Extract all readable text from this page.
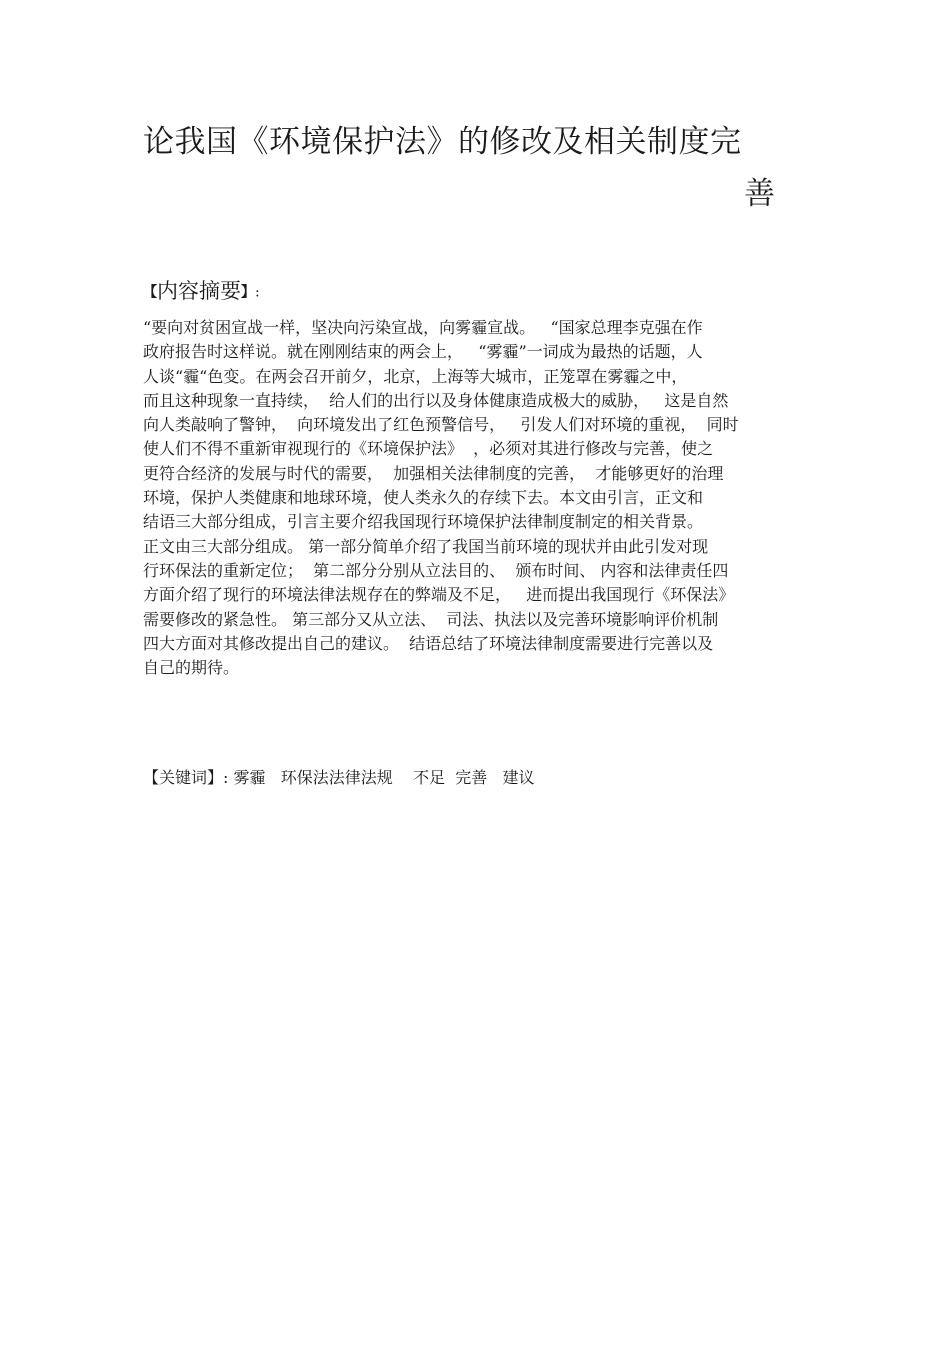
论我国《环境保护法》的修改及相关制度完
善
【内容摘要】:
“要向对贫困宣战一样，坚决向污染宣战，向雾霾宣战。   “国家总理李克强在作
政府报告时这样说。就在刚刚结束的两会上，   “雾霾”一词成为最热的话题，人
人谈“霾“色变。在两会召开前夕，北京，上海等大城市，正笼罩在雾霾之中，
而且这种现象一直持续，  给人们的出行以及身体健康造成极大的威胁，   这是自然
向人类敲响了警钟，  向环境发出了红色预警信号，   引发人们对环境的重视，  同时
使人们不得不重新审视现行的《环境保护法》  ，必须对其进行修改与完善，使之
更符合经济的发展与时代的需要，  加强相关法律制度的完善，  才能够更好的治理
环境，保护人类健康和地球环境，使人类永久的存续下去。本文由引言，正文和
结语三大部分组成，引言主要介绍我国现行环境保护法律制度制定的相关背景。
正文由三大部分组成。 第一部分简单介绍了我国当前环境的现状并由此引发对现
行环保法的重新定位；  第二部分分别从立法目的、  颁布时间、 内容和法律责任四
方面介绍了现行的环境法律法规存在的弊端及不足，   进而提出我国现行《环保法》
需要修改的紧急性。 第三部分又从立法、  司法、执法以及完善环境影响评价机制
四大方面对其修改提出自己的建议。  结语总结了环境法律制度需要进行完善以及
自己的期待。
【关键词】: 雾霾   环保法法律法规    不足  完善   建议
